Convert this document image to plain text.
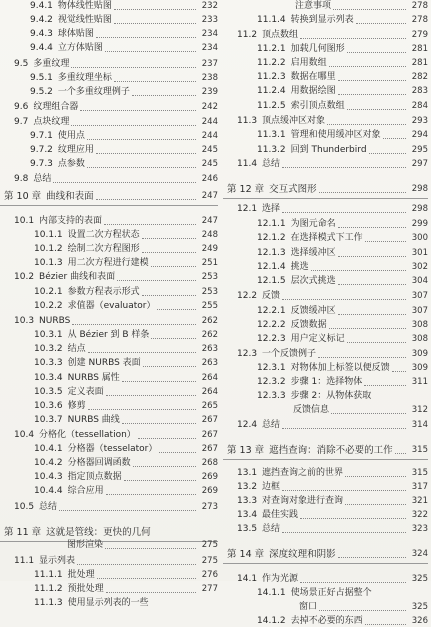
9.4.1 物体线性贴图	232
9.4.2 视觉线性贴图	233
9.4.3 球体贴图	234
9.4.4 立方体贴图	234
9.5 多重纹理	237
9.5.1 多重纹理坐标	238
9.5.2 一个多重纹理例子	239
9.6 纹理组合器	242
9.7 点块纹理	244
9.7.1 使用点	244
9.7.2 纹理应用	245
9.7.3 点参数	245
9.8 总结	246
第 10 章 曲线和表面	247
10.1 内部支持的表面	247
10.1.1 设置二次方程状态	248
10.1.2 绘制二次方程图形	249
10.1.3 用二次方程进行建模	251
10.2 Bézier 曲线和表面	253
10.2.1 参数方程表示形式	253
10.2.2 求值器（evaluator）	255
10.3 NURBS	262
10.3.1 从 Bézier 到 B 样条	262
10.3.2 结点	263
10.3.3 创建 NURBS 表面	263
10.3.4 NURBS 属性	264
10.3.5 定义表面	264
10.3.6 修剪	265
10.3.7 NURBS 曲线	267
10.4 分格化（tessellation）	267
10.4.1 分格器（tesselator）	267
10.4.2 分格器回调函数	268
10.4.3 指定顶点数据	269
10.4.4 综合应用	269
10.5 总结	273
第 11 章 这就是管线：更快的几何
图形渲染	275
11.1 显示列表	275
11.1.1 批处理	276
11.1.2 预批处理	277
11.1.3 使用显示列表的一些
注意事项	278
11.1.4 转换到显示列表	278
11.2 顶点数组	279
11.2.1 加载几何图形	281
11.2.2 启用数组	281
11.2.3 数据在哪里	282
11.2.4 用数据绘图	283
11.2.5 索引顶点数组	284
11.3 顶点缓冲区对象	293
11.3.1 管理和使用缓冲区对象	294
11.3.2 回到 Thunderbird	295
11.4 总结	297
第 12 章 交互式图形	298
12.1 选择	298
12.1.1 为图元命名	299
12.1.2 在选择模式下工作	300
12.1.3 选择缓冲区	301
12.1.4 挑选	302
12.1.5 层次式挑选	304
12.2 反馈	307
12.2.1 反馈缓冲区	307
12.2.2 反馈数据	308
12.2.3 用户定义标记	308
12.3 一个反馈例子	309
12.3.1 对物体加上标签以便反馈	309
12.3.2 步骤 1：选择物体	311
12.3.3 步骤 2：从物体获取
反馈信息	312
12.4 总结	314
第 13 章 遮挡查询：消除不必要的工作	315
13.1 遮挡查询之前的世界	315
13.2 边框	317
13.3 对查询对象进行查询	321
13.4 最佳实践	322
13.5 总结	323
第 14 章 深度纹理和阴影	324
14.1 作为光源	325
14.1.1 使场景正好占据整个
窗口	325
14.1.2 去掉不必要的东西	326
